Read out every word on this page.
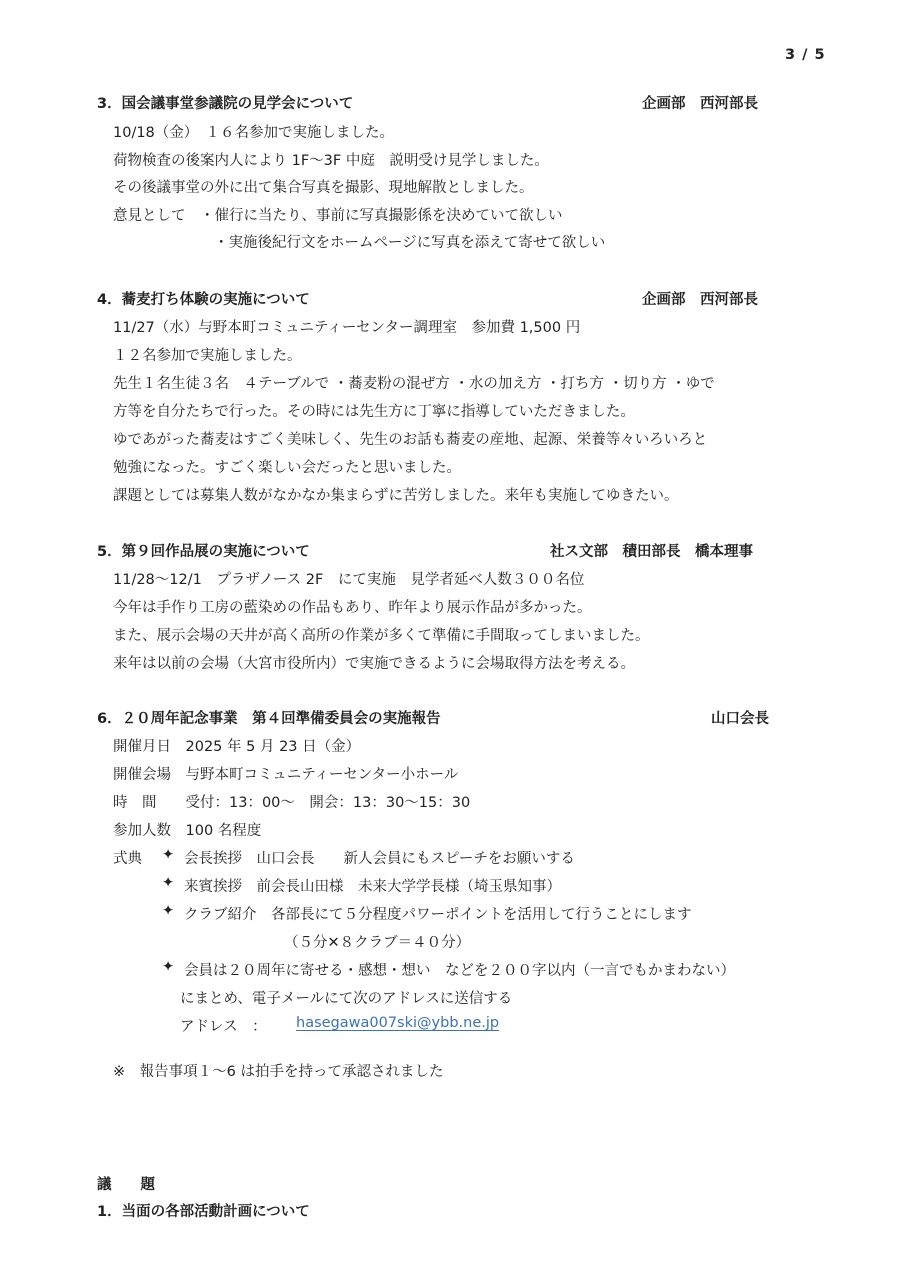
3 / 5
3．国会議事堂参議院の見学会について	企画部　西河部長
10/18（金）　１６名参加で実施しました。
荷物検査の後案内人により 1F〜3F 中庭　説明受け見学しました。
その後議事堂の外に出て集合写真を撮影、現地解散としました。
意見として　・催行に当たり、事前に写真撮影係を決めていて欲しい
・実施後紀行文をホームページに写真を添えて寄せて欲しい
4．蕎麦打ち体験の実施について	企画部　西河部長
11/27（水）与野本町コミュニティーセンター調理室　参加費 1,500 円
１２名参加で実施しました。
先生１名生徒３名　４テーブルで ・蕎麦粉の混ぜ方 ・水の加え方 ・打ち方 ・切り方 ・ゆで
方等を自分たちで行った。その時には先生方に丁寧に指導していただきました。
ゆであがった蕎麦はすごく美味しく、先生のお話も蕎麦の産地、起源、栄養等々いろいろと
勉強になった。すごく楽しい会だったと思いました。
課題としては募集人数がなかなか集まらずに苦労しました。来年も実施してゆきたい。
5．第９回作品展の実施について	社ス文部　積田部長　橋本理事
11/28〜12/1　プラザノース 2F　にて実施　見学者延べ人数３００名位
今年は手作り工房の藍染めの作品もあり、昨年より展示作品が多かった。
また、展示会場の天井が高く高所の作業が多くて準備に手間取ってしまいました。
来年は以前の会場（大宮市役所内）で実施できるように会場取得方法を考える。
6．２０周年記念事業　第４回準備委員会の実施報告	山口会長
開催月日　2025 年 5 月 23 日（金）
開催会場　与野本町コミュニティーセンター小ホール
時　間　　受付：13：00〜　開会：13：30〜15：30
参加人数　100 名程度
式典 ✦ 会長挨拶　山口会長　　新人会員にもスピーチをお願いする
✦ 来賓挨拶　前会長山田様　未来大学学長様（埼玉県知事）
✦ クラブ紹介　各部長にて５分程度パワーポイントを活用して行うことにします
（５分✕８クラブ＝４０分）
✦ 会員は２０周年に寄せる・感想・想い　などを２００字以内（一言でもかまわない）
にまとめ、電子メールにて次のアドレスに送信する
アドレス　： hasegawa007ski@ybb.ne.jp
※　報告事項１〜6 は拍手を持って承認されました
議　　題
1．当面の各部活動計画について
